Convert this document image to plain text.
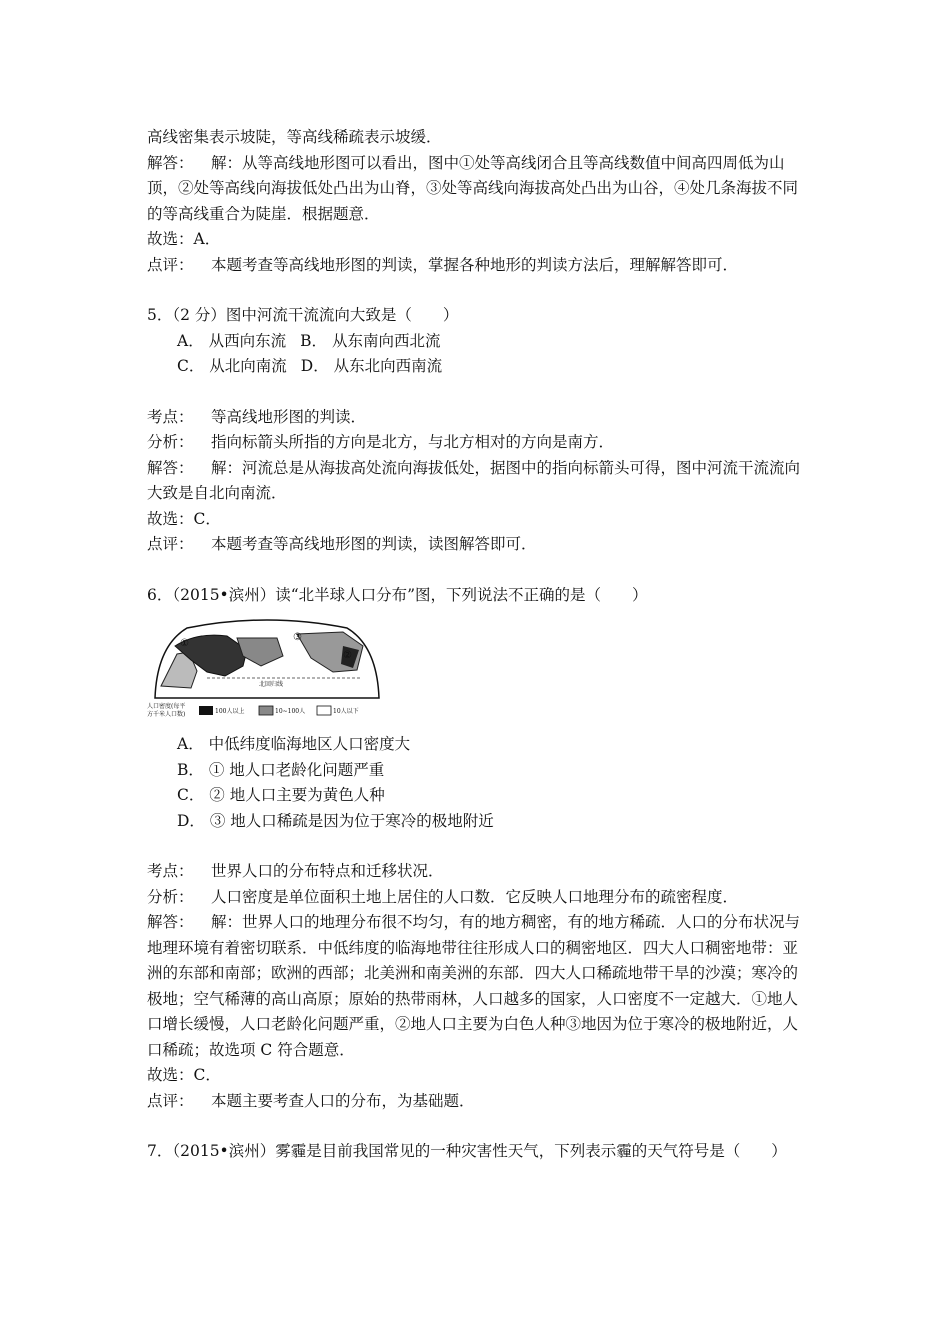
高线密集表示坡陡，等高线稀疏表示坡缓．
解答： 解：从等高线地形图可以看出，图中①处等高线闭合且等高线数值中间高四周低为山顶，②处等高线向海拔低处凸出为山脊，③处等高线向海拔高处凸出为山谷，④处几条海拔不同的等高线重合为陡崖．根据题意．
故选：A．
点评： 本题考查等高线地形图的判读，掌握各种地形的判读方法后，理解解答即可．
5．（2 分）图中河流干流流向大致是（　　）
A． 从西向东流 B． 从东南向西北流
C． 从北向南流 D． 从东北向西南流
考点： 等高线地形图的判读．
分析： 指向标箭头所指的方向是北方，与北方相对的方向是南方．
解答： 解：河流总是从海拔高处流向海拔低处，据图中的指向标箭头可得，图中河流干流流向大致是自北向南流．
故选：C．
点评： 本题考查等高线地形图的判读，读图解答即可．
6．（2015•滨州）读“北半球人口分布”图，下列说法不正确的是（　　）
北回归线
①
②
③
人口密度(每平
方千米人口数)	100人以上	10~100人	10人以下
A． 中低纬度临海地区人口密度大
B． ① 地人口老龄化问题严重
C． ② 地人口主要为黄色人种
D． ③ 地人口稀疏是因为位于寒冷的极地附近
考点： 世界人口的分布特点和迁移状况．
分析： 人口密度是单位面积土地上居住的人口数．它反映人口地理分布的疏密程度．
解答： 解：世界人口的地理分布很不均匀，有的地方稠密，有的地方稀疏．人口的分布状况与地理环境有着密切联系．中低纬度的临海地带往往形成人口的稠密地区．四大人口稠密地带：亚洲的东部和南部；欧洲的西部；北美洲和南美洲的东部．四大人口稀疏地带干旱的沙漠；寒冷的极地；空气稀薄的高山高原；原始的热带雨林，人口越多的国家，人口密度不一定越大．①地人口增长缓慢，人口老龄化问题严重，②地人口主要为白色人种③地因为位于寒冷的极地附近，人口稀疏；故选项 C 符合题意．
故选：C．
点评： 本题主要考查人口的分布，为基础题．
7．（2015•滨州）雾霾是目前我国常见的一种灾害性天气，下列表示霾的天气符号是（　　）
